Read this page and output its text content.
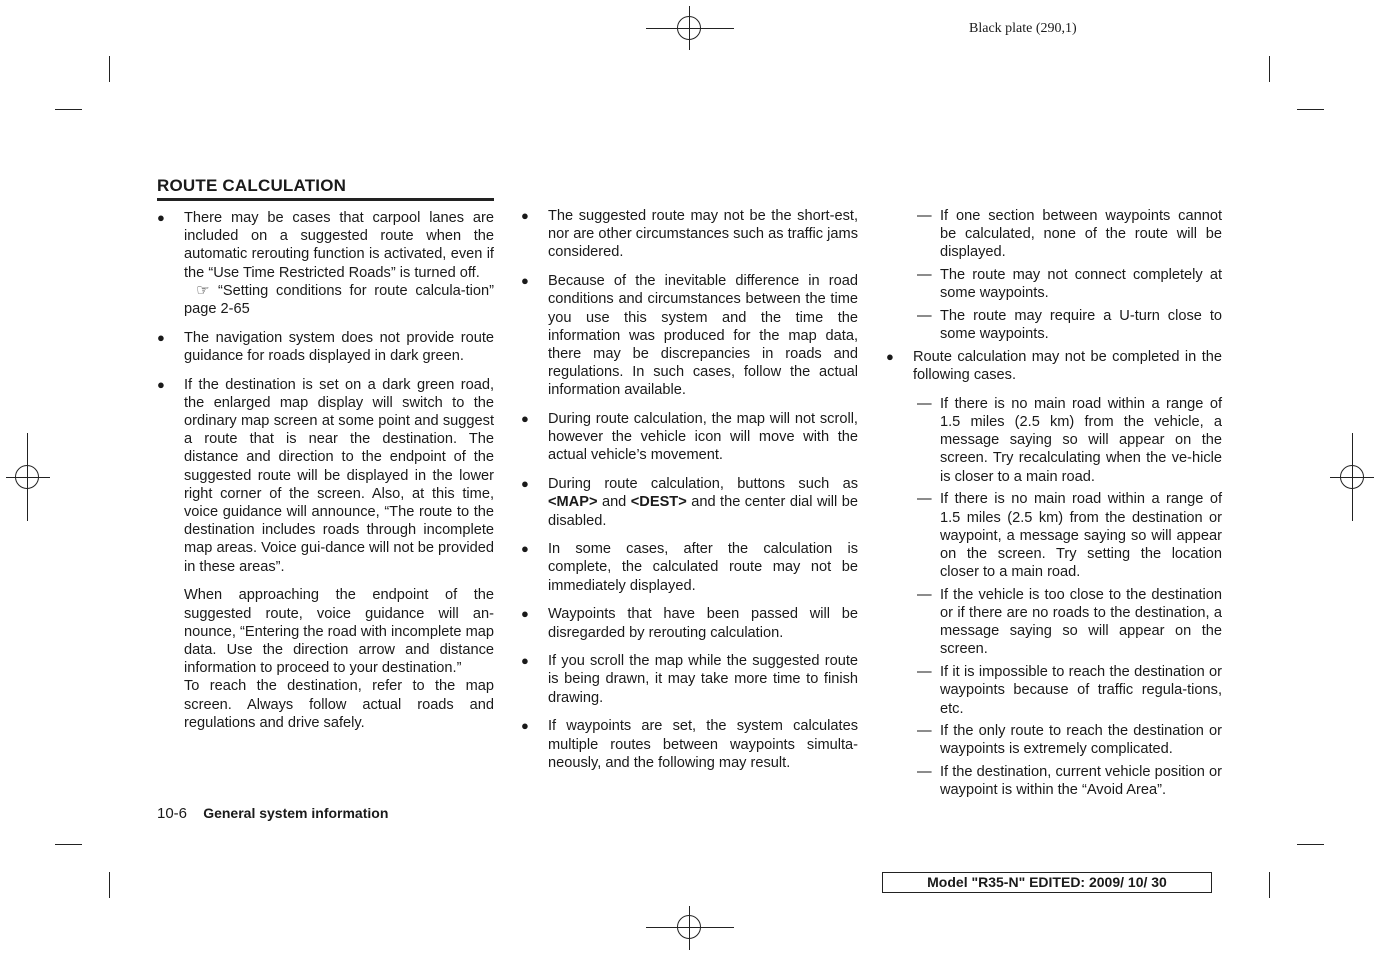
Black plate (290,1)
ROUTE CALCULATION
● There may be cases that carpool lanes are included on a suggested route when the automatic rerouting function is activated, even if the “Use Time Restricted Roads” is turned off.
☞ “Setting conditions for route calcula-tion” page 2-65
● The navigation system does not provide route guidance for roads displayed in dark green.
● If the destination is set on a dark green road, the enlarged map display will switch to the ordinary map screen at some point and suggest a route that is near the destination. The distance and direction to the endpoint of the suggested route will be displayed in the lower right corner of the screen. Also, at this time, voice guidance will announce, “The route to the destination includes roads through incomplete map areas. Voice gui-dance will not be provided in these areas”.
When approaching the endpoint of the suggested route, voice guidance will an-nounce, “Entering the road with incomplete map data. Use the direction arrow and distance information to proceed to your destination.”
To reach the destination, refer to the map screen. Always follow actual roads and regulations and drive safely.
● The suggested route may not be the short-est, nor are other circumstances such as traffic jams considered.
● Because of the inevitable difference in road conditions and circumstances between the time you use this system and the time the information was produced for the map data, there may be discrepancies in roads and regulations. In such cases, follow the actual information available.
● During route calculation, the map will not scroll, however the vehicle icon will move with the actual vehicle’s movement.
● During route calculation, buttons such as <MAP> and <DEST> and the center dial will be disabled.
● In some cases, after the calculation is complete, the calculated route may not be immediately displayed.
● Waypoints that have been passed will be disregarded by rerouting calculation.
● If you scroll the map while the suggested route is being drawn, it may take more time to finish drawing.
● If waypoints are set, the system calculates multiple routes between waypoints simulta-neously, and the following may result.
— If one section between waypoints cannot be calculated, none of the route will be displayed.
— The route may not connect completely at some waypoints.
— The route may require a U-turn close to some waypoints.
● Route calculation may not be completed in the following cases.
— If there is no main road within a range of 1.5 miles (2.5 km) from the vehicle, a message saying so will appear on the screen. Try recalculating when the ve-hicle is closer to a main road.
— If there is no main road within a range of 1.5 miles (2.5 km) from the destination or waypoint, a message saying so will appear on the screen. Try setting the location closer to a main road.
— If the vehicle is too close to the destination or if there are no roads to the destination, a message saying so will appear on the screen.
— If it is impossible to reach the destination or waypoints because of traffic regula-tions, etc.
— If the only route to reach the destination or waypoints is extremely complicated.
— If the destination, current vehicle position or waypoint is within the “Avoid Area”.
10-6 General system information
Model "R35-N" EDITED: 2009/ 10/ 30
